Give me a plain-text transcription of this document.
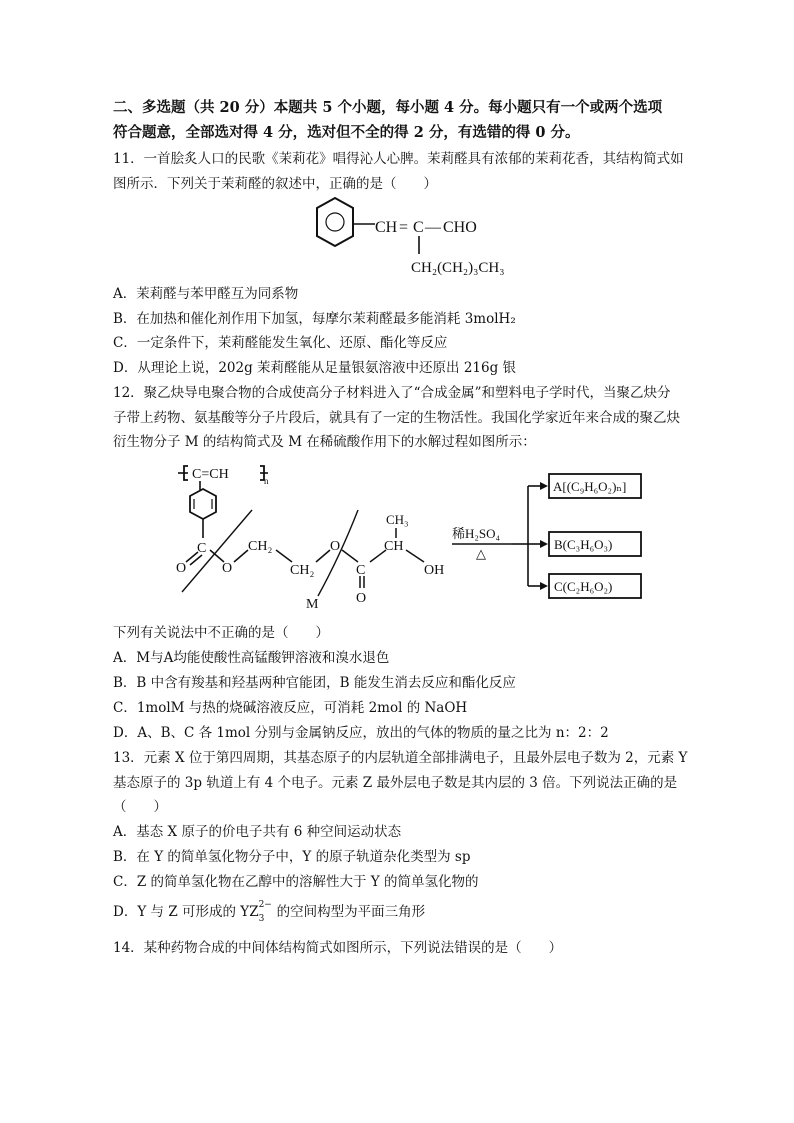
二、多选题（共 20 分）本题共 5 个小题，每小题 4 分。每小题只有一个或两个选项
符合题意，全部选对得 4 分，选对但不全的得 2 分，有选错的得 0 分。
11．一首脍炙人口的民歌《茉莉花》唱得沁人心脾。茉莉醛具有浓郁的茉莉花香，其结构简式如
图所示．下列关于茉莉醛的叙述中，正确的是（　　）
CH = C — CHO
CH₂(CH₂)₃CH₃
A．茉莉醛与苯甲醛互为同系物
B．在加热和催化剂作用下加氢，每摩尔茉莉醛最多能消耗 3molH₂
C．一定条件下，茉莉醛能发生氧化、还原、酯化等反应
D．从理论上说，202g 茉莉醛能从足量银氨溶液中还原出 216g 银
12．聚乙炔导电聚合物的合成使高分子材料进入了“合成金属”和塑料电子学时代，当聚乙炔分
子带上药物、氨基酸等分子片段后，就具有了一定的生物活性。我国化学家近年来合成的聚乙炔
衍生物分子 M 的结构简式及 M 在稀硫酸作用下的水解过程如图所示：
C=CH	n
C
O	O
CH₂
CH₂
O
C
O
CH
CH₃
OH
M
稀H₂SO₄
△
A[(C₉H₆O₂)ₙ]
B(C₃H₆O₃)
C(C₂H₆O₂)
下列有关说法中不正确的是（　　）
A．M与A均能使酸性高锰酸钾溶液和溴水退色
B．B 中含有羧基和羟基两种官能团，B 能发生消去反应和酯化反应
C．1molM 与热的烧碱溶液反应，可消耗 2mol 的 NaOH
D．A、B、C 各 1mol 分别与金属钠反应，放出的气体的物质的量之比为 n：2：2
13．元素 X 位于第四周期，其基态原子的内层轨道全部排满电子，且最外层电子数为 2，元素 Y
基态原子的 3p 轨道上有 4 个电子。元素 Z 最外层电子数是其内层的 3 倍。下列说法正确的是
（　　）
A．基态 X 原子的价电子共有 6 种空间运动状态
B．在 Y 的简单氢化物分子中，Y 的原子轨道杂化类型为 sp
C．Z 的简单氢化物在乙醇中的溶解性大于 Y 的简单氢化物的
D．Y 与 Z 可形成的 YZ 2−
3 的空间构型为平面三角形
14．某种药物合成的中间体结构简式如图所示，下列说法错误的是（　　）
